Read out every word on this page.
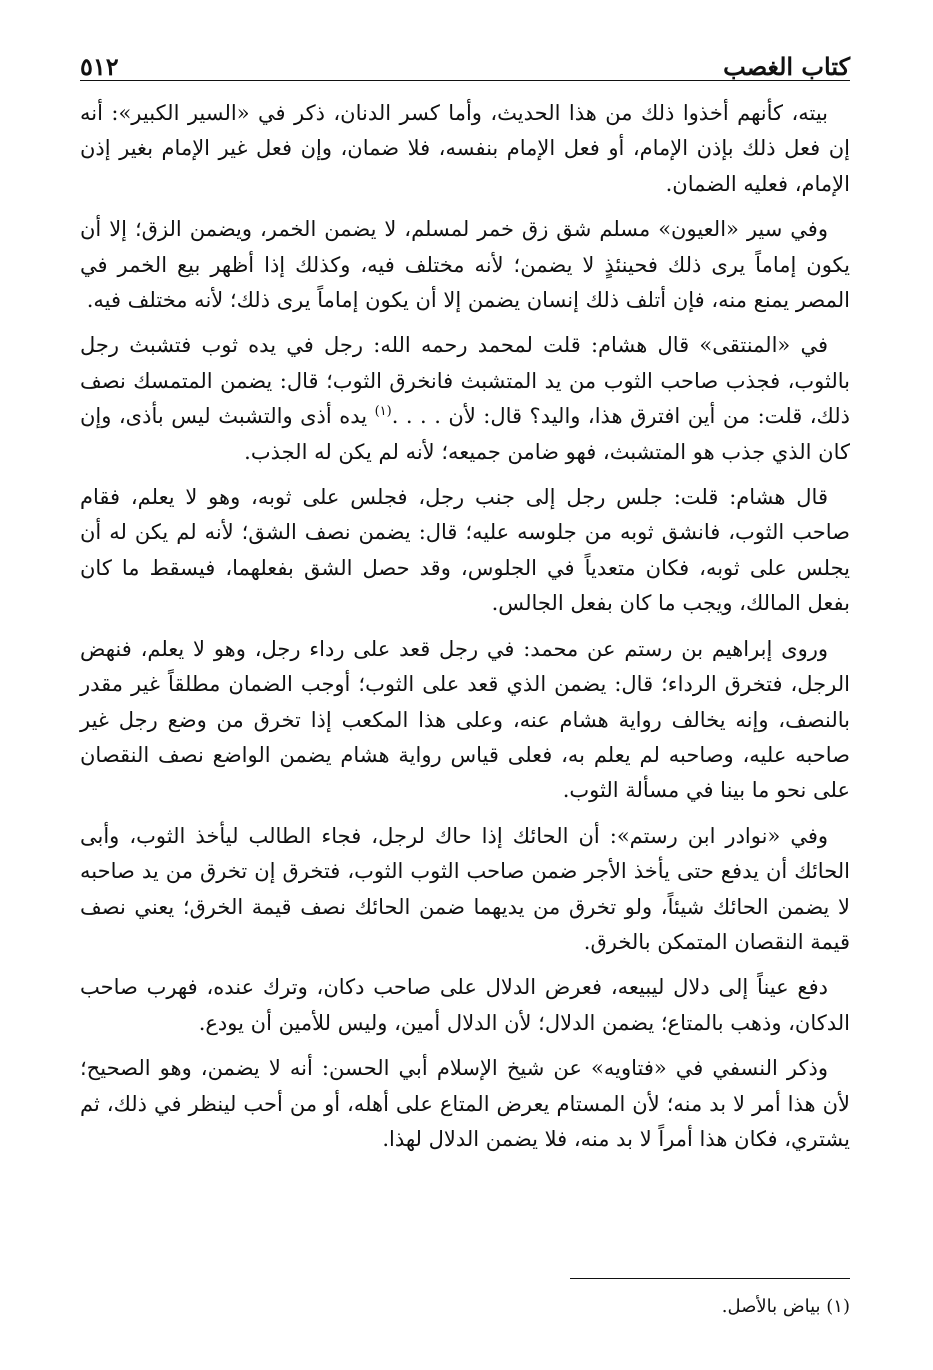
كتاب الغصب
٥١٢

بيته، كأنهم أخذوا ذلك من هذا الحديث، وأما كسر الدنان، ذكر في «السير الكبير»: أنه إن فعل ذلك بإذن الإمام، أو فعل الإمام بنفسه، فلا ضمان، وإن فعل غير الإمام بغير إذن الإمام، فعليه الضمان.

وفي سير «العيون» مسلم شق زق خمر لمسلم، لا يضمن الخمر، ويضمن الزق؛ إلا أن يكون إماماً يرى ذلك فحينئذٍ لا يضمن؛ لأنه مختلف فيه، وكذلك إذا أظهر بيع الخمر في المصر يمنع منه، فإن أتلف ذلك إنسان يضمن إلا أن يكون إماماً يرى ذلك؛ لأنه مختلف فيه.

في «المنتقى» قال هشام: قلت لمحمد رحمه الله: رجل في يده ثوب فتشبث رجل بالثوب، فجذب صاحب الثوب من يد المتشبث فانخرق الثوب؛ قال: يضمن المتمسك نصف ذلك، قلت: من أين افترق هذا، واليد؟ قال: لأن . . . .$^{(١)}$ يده أذى والتشبث ليس بأذى، وإن كان الذي جذب هو المتشبث، فهو ضامن جميعه؛ لأنه لم يكن له الجذب.

قال هشام: قلت: جلس رجل إلى جنب رجل، فجلس على ثوبه، وهو لا يعلم، فقام صاحب الثوب، فانشق ثوبه من جلوسه عليه؛ قال: يضمن نصف الشق؛ لأنه لم يكن له أن يجلس على ثوبه، فكان متعدياً في الجلوس، وقد حصل الشق بفعلهما، فيسقط ما كان بفعل المالك، ويجب ما كان بفعل الجالس.

وروى إبراهيم بن رستم عن محمد: في رجل قعد على رداء رجل، وهو لا يعلم، فنهض الرجل، فتخرق الرداء؛ قال: يضمن الذي قعد على الثوب؛ أوجب الضمان مطلقاً غير مقدر بالنصف، وإنه يخالف رواية هشام عنه، وعلى هذا المكعب إذا تخرق من وضع رجل غير صاحبه عليه، وصاحبه لم يعلم به، فعلى قياس رواية هشام يضمن الواضع نصف النقصان على نحو ما بينا في مسألة الثوب.

وفي «نوادر ابن رستم»: أن الحائك إذا حاك لرجل، فجاء الطالب ليأخذ الثوب، وأبى الحائك أن يدفع حتى يأخذ الأجر ضمن صاحب الثوب الثوب، فتخرق إن تخرق من يد صاحبه لا يضمن الحائك شيئاً، ولو تخرق من يديهما ضمن الحائك نصف قيمة الخرق؛ يعني نصف قيمة النقصان المتمكن بالخرق.

دفع عيناً إلى دلال ليبيعه، فعرض الدلال على صاحب دكان، وترك عنده، فهرب صاحب الدكان، وذهب بالمتاع؛ يضمن الدلال؛ لأن الدلال أمين، وليس للأمين أن يودع.

وذكر النسفي في «فتاويه» عن شيخ الإسلام أبي الحسن: أنه لا يضمن، وهو الصحيح؛ لأن هذا أمر لا بد منه؛ لأن المستام يعرض المتاع على أهله، أو من أحب لينظر في ذلك، ثم يشتري، فكان هذا أمراً لا بد منه، فلا يضمن الدلال لهذا.

(١) بياض بالأصل.
